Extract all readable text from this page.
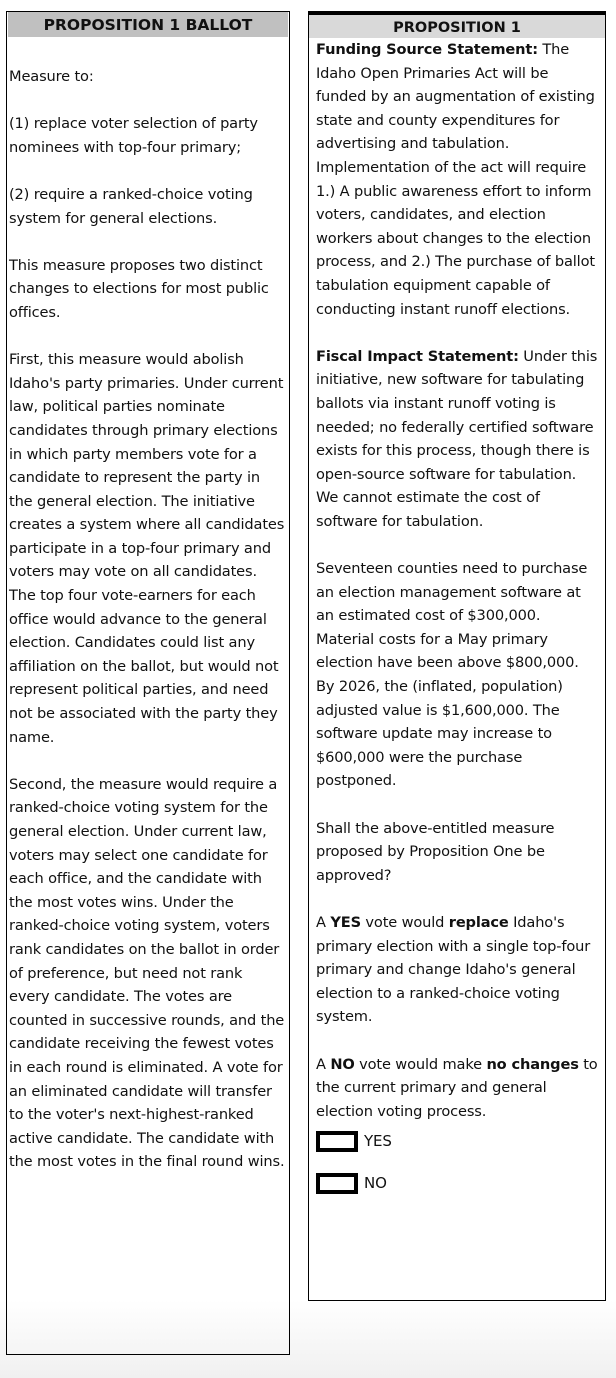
PROPOSITION 1 BALLOT

Measure to:

(1) replace voter selection of party nominees with top-four primary;

(2) require a ranked-choice voting system for general elections.

This measure proposes two distinct changes to elections for most public offices.

First, this measure would abolish Idaho's party primaries. Under current law, political parties nominate candidates through primary elections in which party members vote for a candidate to represent the party in the general election. The initiative creates a system where all candidates participate in a top-four primary and voters may vote on all candidates. The top four vote-earners for each office would advance to the general election. Candidates could list any affiliation on the ballot, but would not represent political parties, and need not be associated with the party they name.

Second, the measure would require a ranked-choice voting system for the general election. Under current law, voters may select one candidate for each office, and the candidate with the most votes wins. Under the ranked-choice voting system, voters rank candidates on the ballot in order of preference, but need not rank every candidate. The votes are counted in successive rounds, and the candidate receiving the fewest votes in each round is eliminated. A vote for an eliminated candidate will transfer to the voter's next-highest-ranked active candidate. The candidate with the most votes in the final round wins.

PROPOSITION 1

Funding Source Statement: The Idaho Open Primaries Act will be funded by an augmentation of existing state and county expenditures for advertising and tabulation. Implementation of the act will require 1.) A public awareness effort to inform voters, candidates, and election workers about changes to the election process, and 2.) The purchase of ballot tabulation equipment capable of conducting instant runoff elections.

Fiscal Impact Statement: Under this initiative, new software for tabulating ballots via instant runoff voting is needed; no federally certified software exists for this process, though there is open-source software for tabulation. We cannot estimate the cost of software for tabulation.

Seventeen counties need to purchase an election management software at an estimated cost of $300,000. Material costs for a May primary election have been above $800,000. By 2026, the (inflated, population) adjusted value is $1,600,000. The software update may increase to $600,000 were the purchase postponed.

Shall the above-entitled measure proposed by Proposition One be approved?

A YES vote would replace Idaho's primary election with a single top-four primary and change Idaho's general election to a ranked-choice voting system.

A NO vote would make no changes to the current primary and general election voting process.

YES
NO
